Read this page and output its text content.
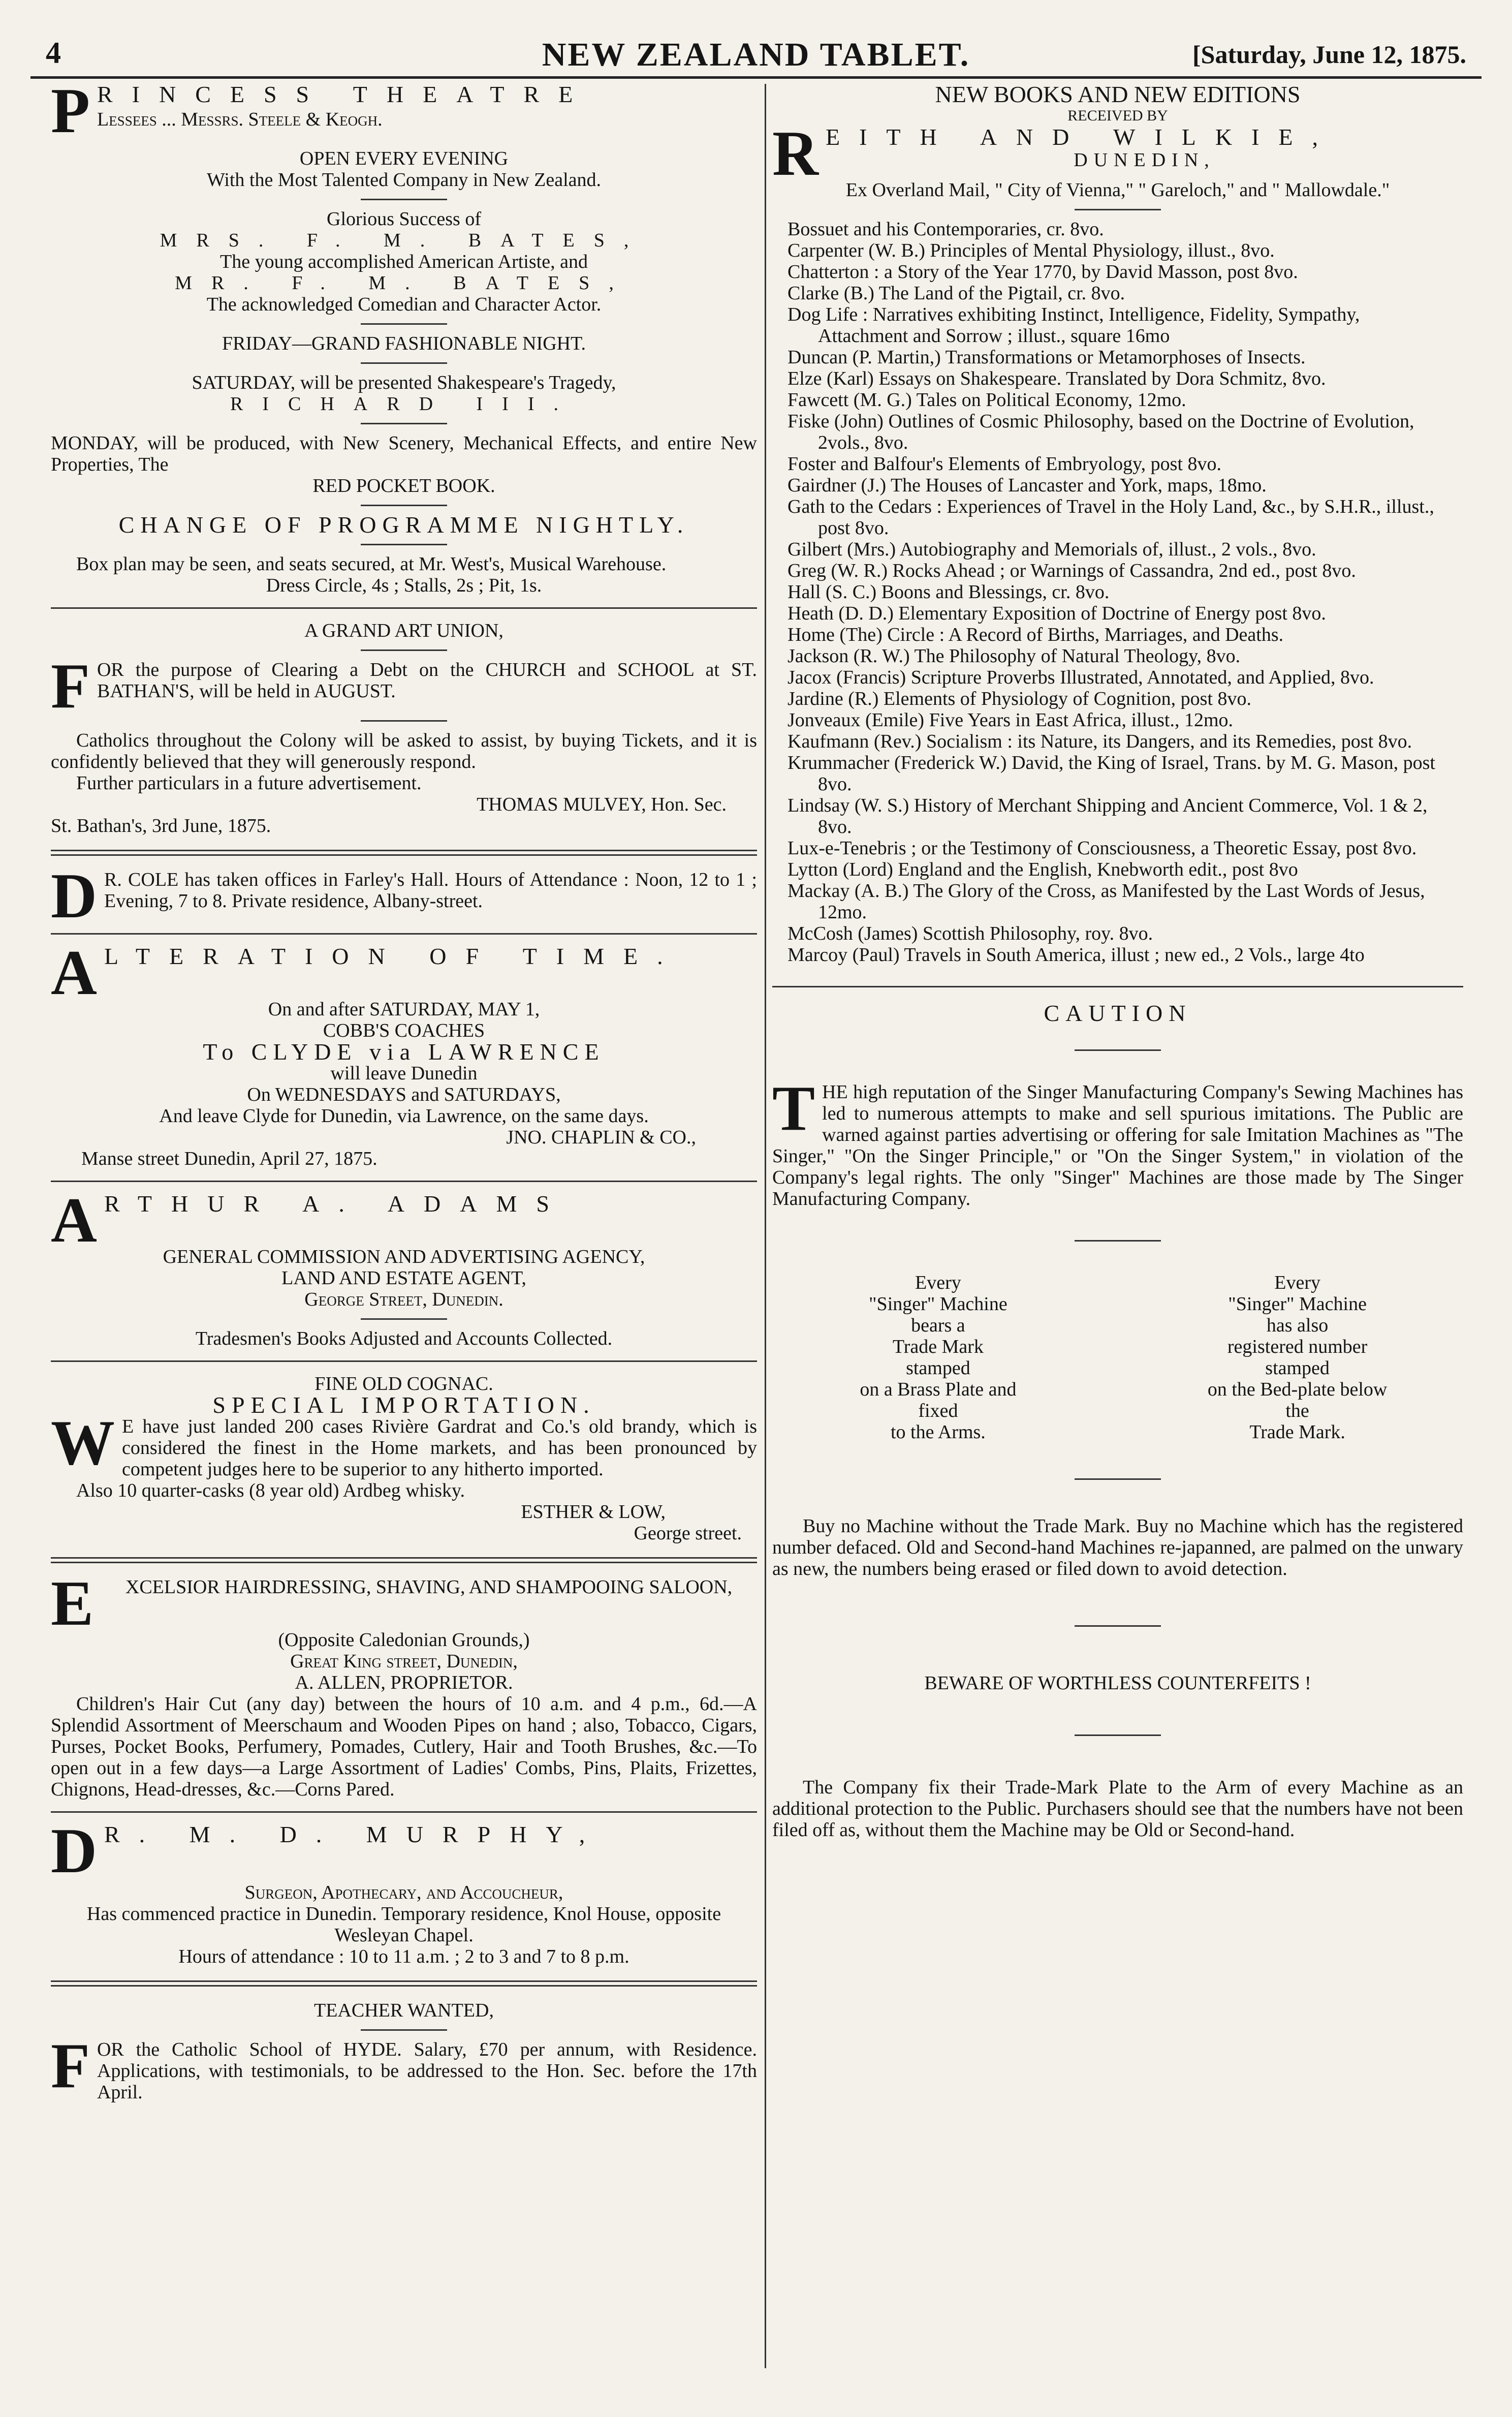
4	NEW ZEALAND TABLET.	[Saturday, June 12, 1875.
PRINCESS THEATRE

Lessees ... Messrs. Steele & Keogh.

OPEN EVERY EVENING

With the Most Talented Company in New Zealand.

Glorious Success of

MRS. F. M. BATES,

The young accomplished American Artiste, and

MR. F. M. BATES,

The acknowledged Comedian and Character Actor.

FRIDAY—GRAND FASHIONABLE NIGHT.

SATURDAY, will be presented Shakespeare's Tragedy,

RICHARD III.

MONDAY, will be produced, with New Scenery, Mechanical Effects, and entire New Properties, The

RED POCKET BOOK.

CHANGE OF PROGRAMME NIGHTLY.

Box plan may be seen, and seats secured, at Mr. West's, Musical Warehouse.

Dress Circle, 4s ; Stalls, 2s ; Pit, 1s.

A GRAND ART UNION,

FOR the purpose of Clearing a Debt on the CHURCH and SCHOOL at ST. BATHAN'S, will be held in AUGUST.

Catholics throughout the Colony will be asked to assist, by buying Tickets, and it is confidently believed that they will generously respond.

Further particulars in a future advertisement.

THOMAS MULVEY, Hon. Sec.

St. Bathan's, 3rd June, 1875.

D R. COLE has taken offices in Farley's Hall. Hours of Attendance : Noon, 12 to 1 ; Evening, 7 to 8. Private residence, Albany-street.

ALTERATION OF TIME.

On and after SATURDAY, MAY 1,

COBB'S COACHES

To CLYDE via LAWRENCE

will leave Dunedin

On WEDNESDAYS and SATURDAYS,

And leave Clyde for Dunedin, via Lawrence, on the same days.

JNO. CHAPLIN & CO.,

Manse street Dunedin, April 27, 1875.

ARTHUR A. ADAMS

GENERAL COMMISSION AND ADVERTISING AGENCY,

LAND AND ESTATE AGENT,

George Street, Dunedin.

Tradesmen's Books Adjusted and Accounts Collected.

FINE OLD COGNAC.

SPECIAL IMPORTATION.

W E have just landed 200 cases Rivière Gardrat and Co.'s old brandy, which is considered the finest in the Home markets, and has been pronounced by competent judges here to be superior to any hitherto imported.

Also 10 quarter-casks (8 year old) Ardbeg whisky.

ESTHER & LOW,

George street.

E XCELSIOR HAIRDRESSING, SHAVING, AND SHAMPOOING SALOON,

(Opposite Caledonian Grounds,)

Great King street, Dunedin,

A. ALLEN, PROPRIETOR.

Children's Hair Cut (any day) between the hours of 10 a.m. and 4 p.m., 6d.—A Splendid Assortment of Meerschaum and Wooden Pipes on hand ; also, Tobacco, Cigars, Purses, Pocket Books, Perfumery, Pomades, Cutlery, Hair and Tooth Brushes, &c.—To open out in a few days—a Large Assortment of Ladies' Combs, Pins, Plaits, Frizettes, Chignons, Head-dresses, &c.—Corns Pared.

D R. M. D. MURPHY,

Surgeon, Apothecary, and Accoucheur,

Has commenced practice in Dunedin. Temporary residence, Knol House, opposite Wesleyan Chapel.

Hours of attendance : 10 to 11 a.m. ; 2 to 3 and 7 to 8 p.m.

TEACHER WANTED,

FOR the Catholic School of HYDE. Salary, £70 per annum, with Residence. Applications, with testimonials, to be addressed to the Hon. Sec. before the 17th April.

NEW BOOKS AND NEW EDITIONS

RECEIVED BY

REITH AND WILKIE,

DUNEDIN,

Ex Overland Mail, " City of Vienna," " Gareloch," and " Mallowdale."

Bossuet and his Contemporaries, cr. 8vo.

Carpenter (W. B.) Principles of Mental Physiology, illust., 8vo.

Chatterton : a Story of the Year 1770, by David Masson, post 8vo.

Clarke (B.) The Land of the Pigtail, cr. 8vo.

Dog Life : Narratives exhibiting Instinct, Intelligence, Fidelity, Sympathy, Attachment and Sorrow ; illust., square 16mo

Duncan (P. Martin,) Transformations or Metamorphoses of Insects.

Elze (Karl) Essays on Shakespeare. Translated by Dora Schmitz, 8vo.

Fawcett (M. G.) Tales on Political Economy, 12mo.

Fiske (John) Outlines of Cosmic Philosophy, based on the Doctrine of Evolution, 2vols., 8vo.

Foster and Balfour's Elements of Embryology, post 8vo.

Gairdner (J.) The Houses of Lancaster and York, maps, 18mo.

Gath to the Cedars : Experiences of Travel in the Holy Land, &c., by S.H.R., illust., post 8vo.

Gilbert (Mrs.) Autobiography and Memorials of, illust., 2 vols., 8vo.

Greg (W. R.) Rocks Ahead ; or Warnings of Cassandra, 2nd ed., post 8vo.

Hall (S. C.) Boons and Blessings, cr. 8vo.

Heath (D. D.) Elementary Exposition of Doctrine of Energy post 8vo.

Home (The) Circle : A Record of Births, Marriages, and Deaths.

Jackson (R. W.) The Philosophy of Natural Theology, 8vo.

Jacox (Francis) Scripture Proverbs Illustrated, Annotated, and Applied, 8vo.

Jardine (R.) Elements of Physiology of Cognition, post 8vo.

Jonveaux (Emile) Five Years in East Africa, illust., 12mo.

Kaufmann (Rev.) Socialism : its Nature, its Dangers, and its Remedies, post 8vo.

Krummacher (Frederick W.) David, the King of Israel, Trans. by M. G. Mason, post 8vo.

Lindsay (W. S.) History of Merchant Shipping and Ancient Commerce, Vol. 1 & 2, 8vo.

Lux-e-Tenebris ; or the Testimony of Consciousness, a Theoretic Essay, post 8vo.

Lytton (Lord) England and the English, Knebworth edit., post 8vo

Mackay (A. B.) The Glory of the Cross, as Manifested by the Last Words of Jesus, 12mo.

McCosh (James) Scottish Philosophy, roy. 8vo.

Marcoy (Paul) Travels in South America, illust ; new ed., 2 Vols., large 4to

CAUTION

THE high reputation of the Singer Manufacturing Company's Sewing Machines has led to numerous attempts to make and sell spurious imitations. The Public are warned against parties advertising or offering for sale Imitation Machines as "The Singer," "On the Singer Principle," or "On the Singer System," in violation of the Company's legal rights. The only "Singer" Machines are those made by The Singer Manufacturing Company.

Every

"Singer" Machine

bears a

Trade Mark

stamped

on a Brass Plate and

fixed

to the Arms.

Every

"Singer" Machine

has also

registered number

stamped

on the Bed-plate below

the

Trade Mark.

Buy no Machine without the Trade Mark. Buy no Machine which has the registered number defaced. Old and Second-hand Machines re-japanned, are palmed on the unwary as new, the numbers being erased or filed down to avoid detection.

BEWARE OF WORTHLESS COUNTERFEITS !

The Company fix their Trade-Mark Plate to the Arm of every Machine as an additional protection to the Public. Purchasers should see that the numbers have not been filed off as, without them the Machine may be Old or Second-hand.
